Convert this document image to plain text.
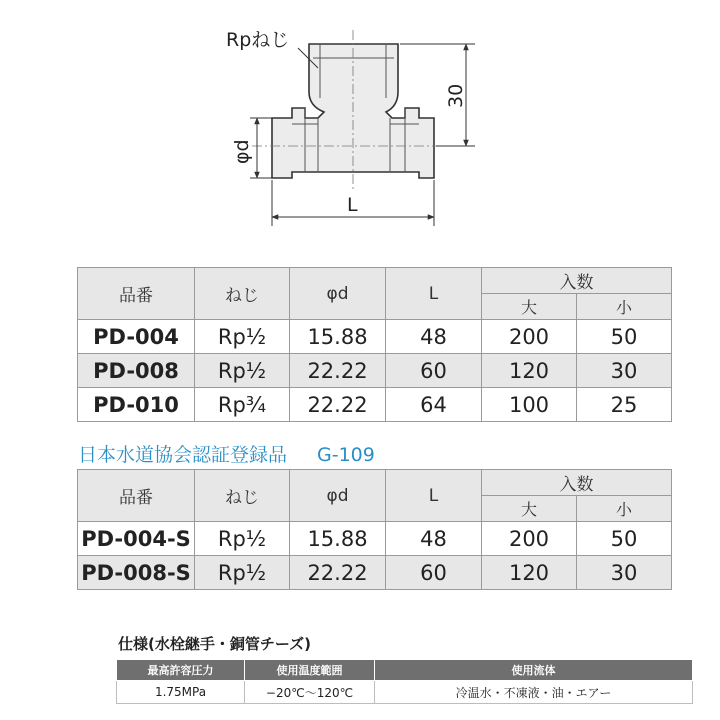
Rpねじ
30
φd
L
品番	ねじ	φd	L	入数	
				大	小
PD-004	Rp½	15.88	48	200	50
PD-008	Rp½	22.22	60	120	30
PD-010	Rp¾	22.22	64	100	25
日本水道協会認証登録品 G-109
品番	ねじ	φd	L	入数	
				大	小
PD-004-S	Rp½	15.88	48	200	50
PD-008-S	Rp½	22.22	60	120	30
仕様(水栓継手・銅管チーズ)
最高許容圧力	使用温度範囲	使用流体
1.75MPa	−20℃〜120℃	冷温水・不凍液・油・エアー
